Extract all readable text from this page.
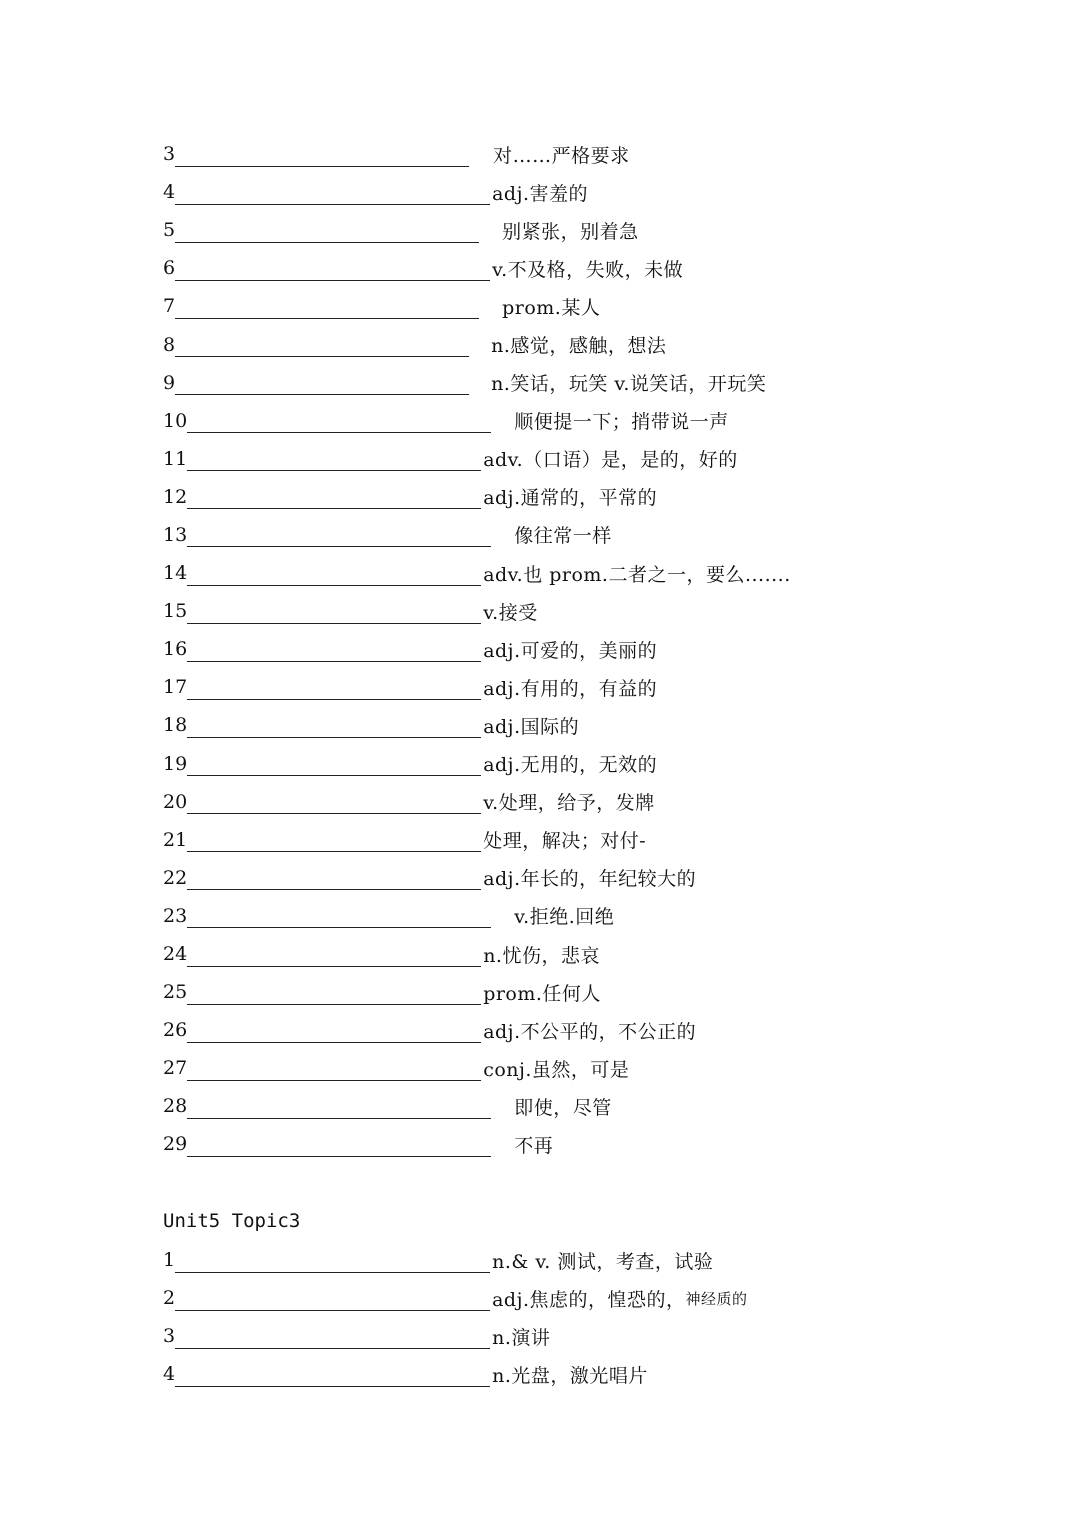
3	对……严格要求
4	adj.害羞的
5	别紧张，别着急
6	v.不及格，失败，未做
7	prom.某人
8	n.感觉，感触，想法
9	n.笑话，玩笑 v.说笑话，开玩笑
10	顺便提一下；捎带说一声
11	adv.（口语）是，是的，好的
12	adj.通常的，平常的
13	像往常一样
14	adv.也 prom.二者之一，要么.......
15	v.接受
16	adj.可爱的，美丽的
17	adj.有用的，有益的
18	adj.国际的
19	adj.无用的，无效的
20	v.处理，给予，发牌
21	处理，解决；对付-
22	adj.年长的，年纪较大的
23	v.拒绝.回绝
24	n.忧伤，悲哀
25	prom.任何人
26	adj.不公平的，不公正的
27	conj.虽然，可是
28	即使，尽管
29	不再
Unit5 Topic3
1	n.& v. 测试，考查，试验
2	adj.焦虑的，惶恐的， 神经质的
3	n.演讲
4	n.光盘，激光唱片
